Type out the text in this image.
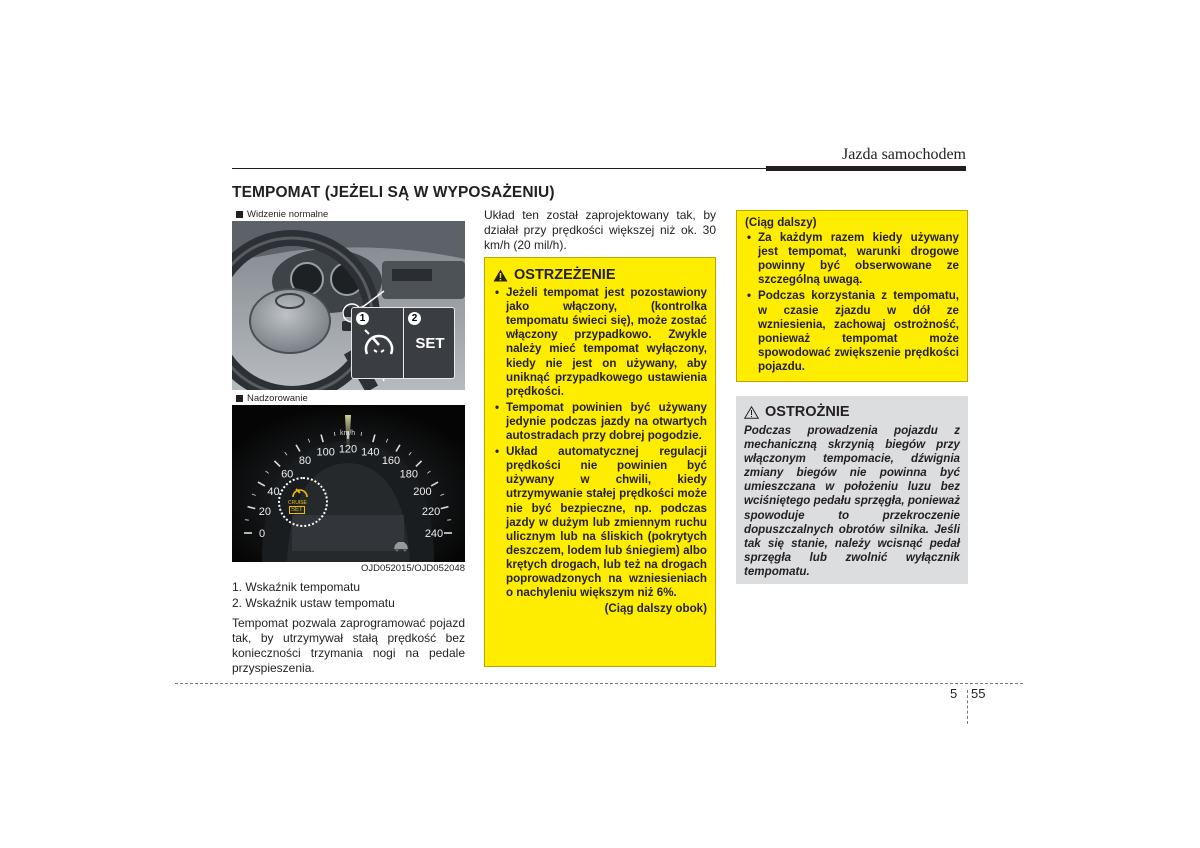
Jazda samochodem
TEMPOMAT (JEŻELI SĄ W WYPOSAŻENIU)
Widzenie normalne
1	2
SET
Nadzorowanie
0
20
40
60
80
100 120 140
160
180
200
220
240
km/h
CRUISE
SET
OJD052015/OJD052048
1. Wskaźnik tempomatu
2. Wskaźnik ustaw tempomatu
Tempomat pozwala zaprogramować pojazd tak, by utrzymywał stałą prędkość bez konieczności trzymania nogi na pedale przyspieszenia.
Układ ten został zaprojektowany tak, by działał przy prędkości większej niż ok. 30 km/h (20 mil/h).
OSTRZEŻENIE
• Jeżeli tempomat jest pozostawiony jako włączony, (kontrolka tempomatu świeci się), może zostać włączony przypadkowo. Zwykle należy mieć tempomat wyłączony, kiedy nie jest on używany, aby uniknąć przypadkowego ustawienia prędkości.
• Tempomat powinien być używany jedynie podczas jazdy na otwartych autostradach przy dobrej pogodzie.
• Układ automatycznej regulacji prędkości nie powinien być używany w chwili, kiedy utrzymywanie stałej prędkości może nie być bezpieczne, np. podczas jazdy w dużym lub zmiennym ruchu ulicznym lub na śliskich (pokrytych deszczem, lodem lub śniegiem) albo krętych drogach, lub też na drogach poprowadzonych na wzniesieniach o nachyleniu większym niż 6%.
(Ciąg dalszy obok)
(Ciąg dalszy)
• Za każdym razem kiedy używany jest tempomat, warunki drogowe powinny być obserwowane ze szczególną uwagą.
• Podczas korzystania z tempomatu, w czasie zjazdu w dół ze wzniesienia, zachowaj ostrożność, ponieważ tempomat może spowodować zwiększenie prędkości pojazdu.
OSTROŻNIE
Podczas prowadzenia pojazdu z mechaniczną skrzynią biegów przy włączonym tempomacie, dźwignia zmiany biegów nie powinna być umieszczana w położeniu luzu bez wciśniętego pedału sprzęgła, ponieważ spowoduje to przekroczenie dopuszczalnych obrotów silnika. Jeśli tak się stanie, należy wcisnąć pedał sprzęgła lub zwolnić wyłącznik tempomatu.
5 55
